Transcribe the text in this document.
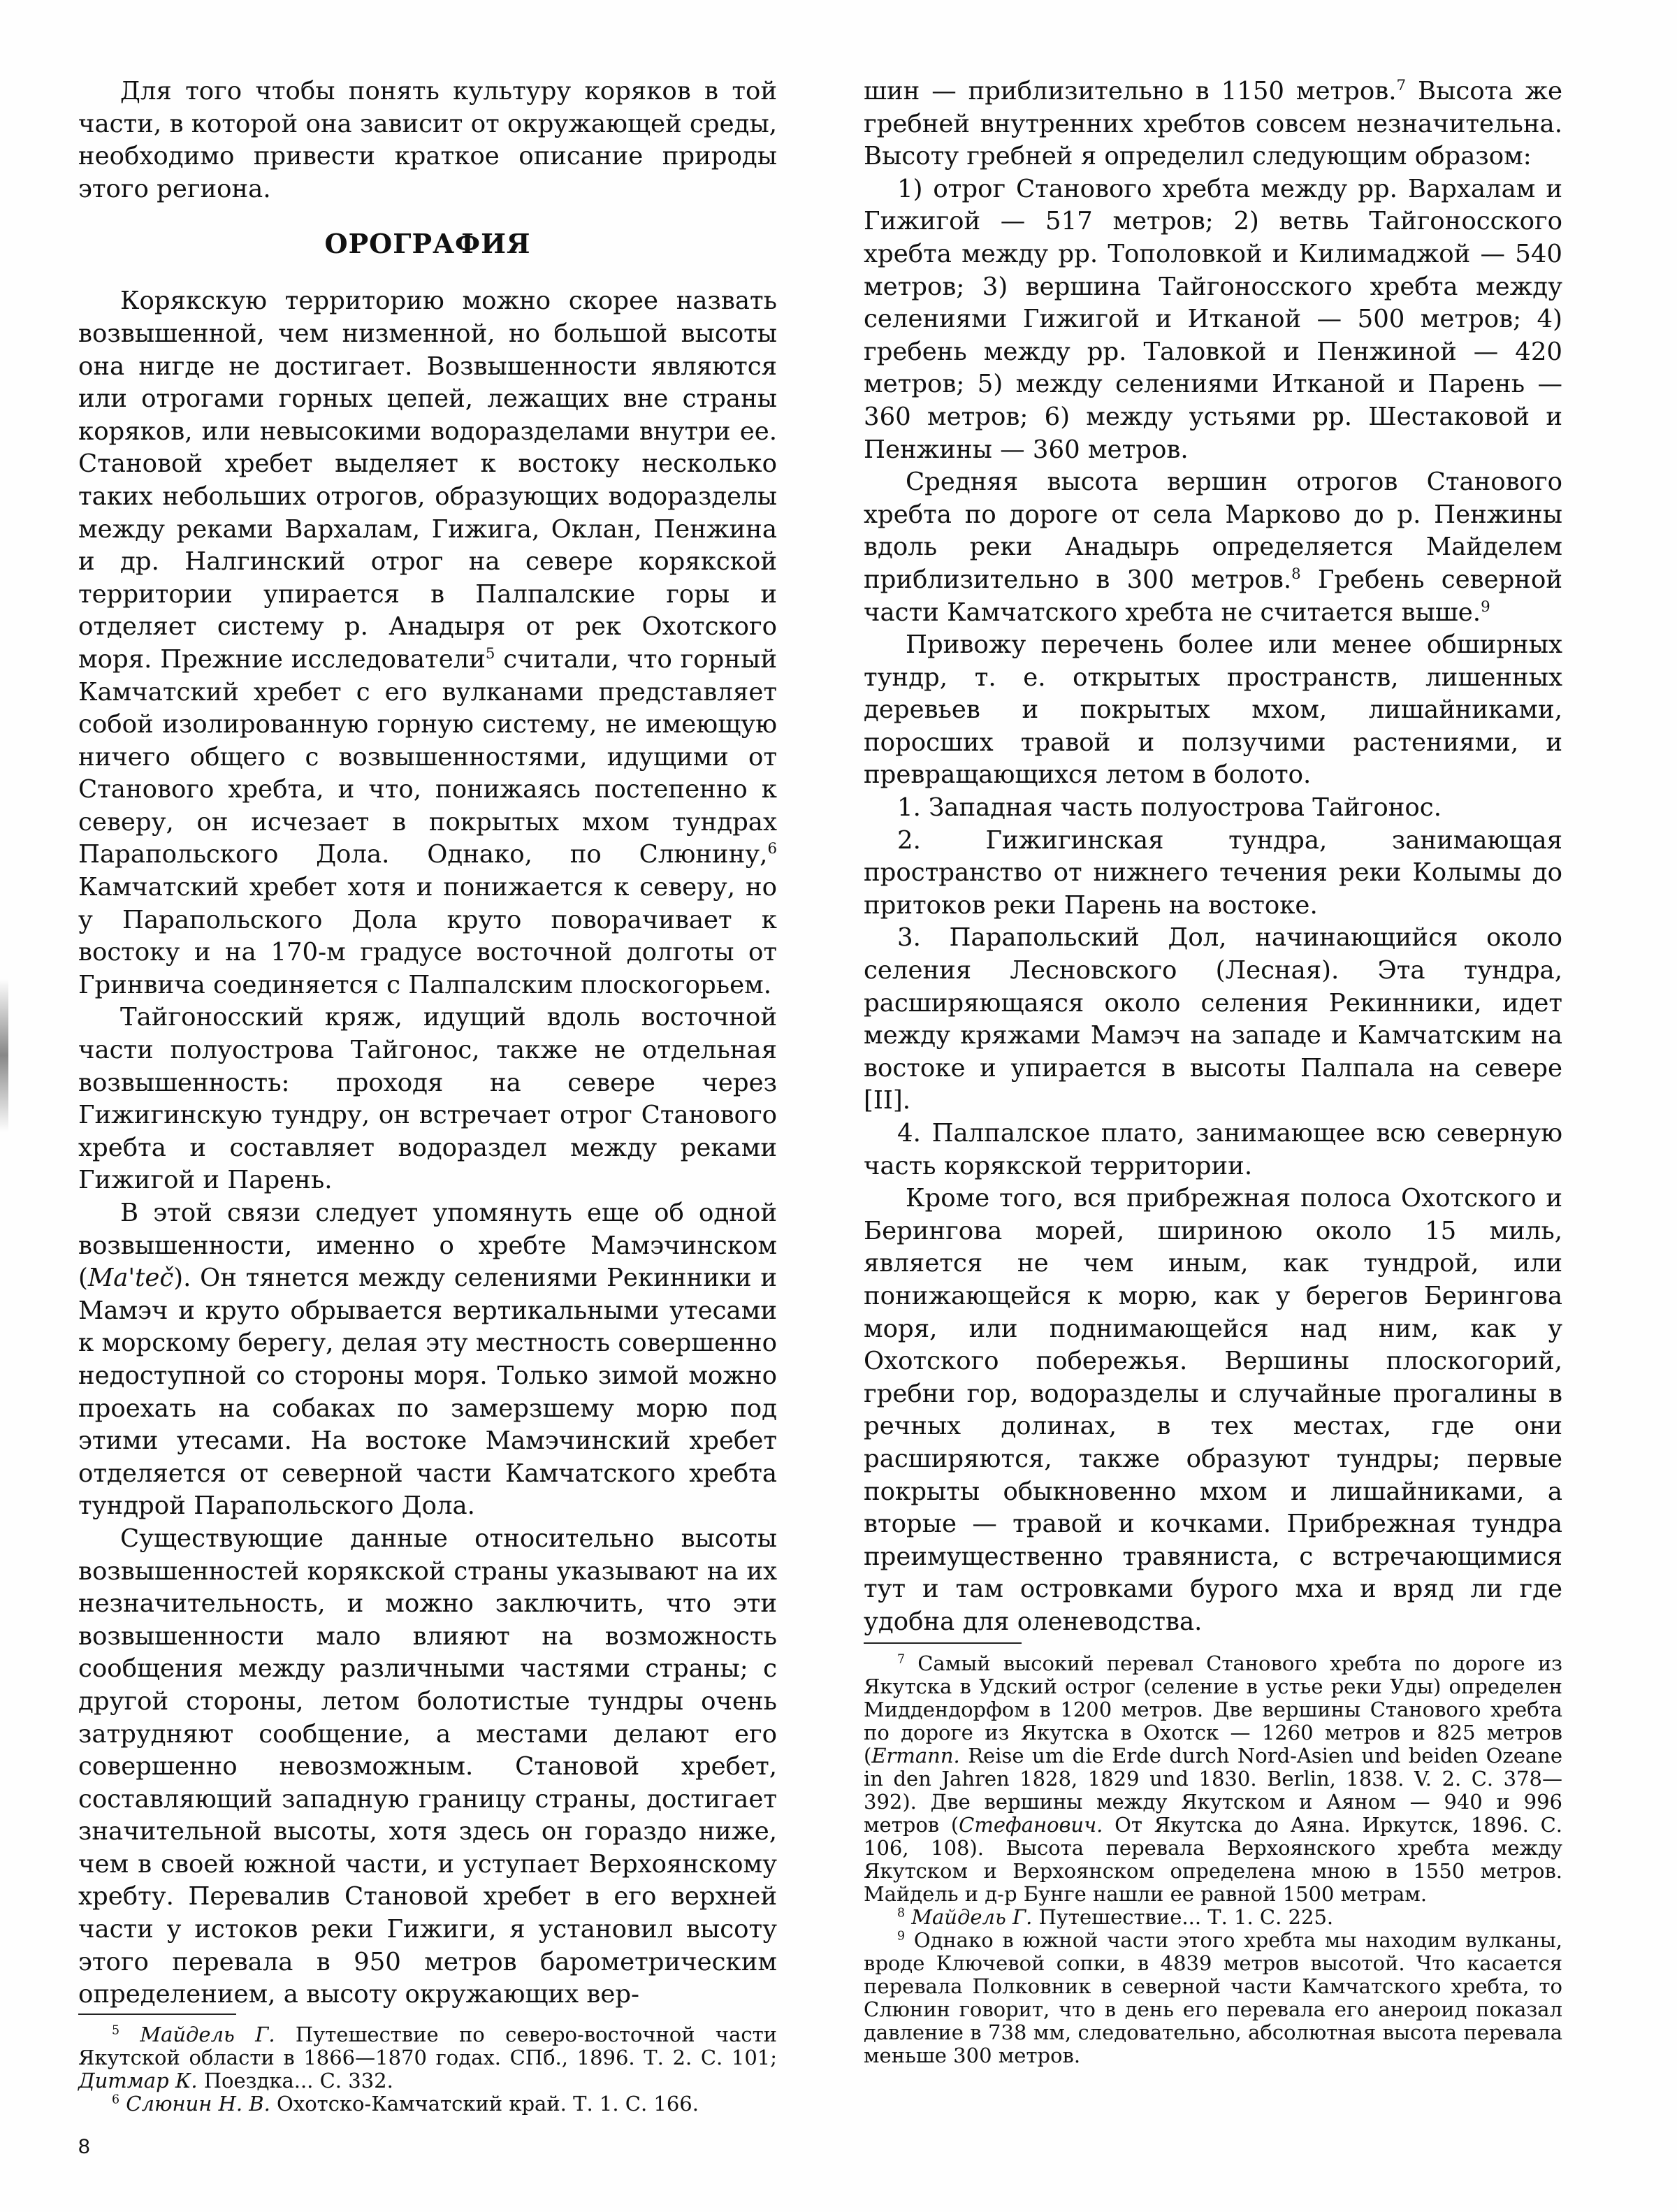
Для того чтобы понять культуру коряков в той части, в которой она зависит от окружающей среды, необходимо привести краткое описание природы этого региона.

ОРОГРАФИЯ

Корякскую территорию можно скорее назвать возвышенной, чем низменной, но большой высоты она нигде не достигает. Возвышенности являются или отрогами горных цепей, лежащих вне страны коряков, или невысокими водоразделами внутри ее. Становой хребет выделяет к востоку несколько таких небольших отрогов, образующих водоразделы между реками Вархалам, Гижига, Оклан, Пенжина и др. Налгинский отрог на севере корякской территории упирается в Палпалские горы и отделяет систему р. Анадыря от рек Охотского моря. Прежние исследователи$^5$ считали, что горный Камчатский хребет с его вулканами представляет собой изолированную горную систему, не имеющую ничего общего с возвышенностями, идущими от Станового хребта, и что, понижаясь постепенно к северу, он исчезает в покрытых мхом тундрах Парапольского Дола. Однако, по Слюнину,$^6$ Камчатский хребет хотя и понижается к северу, но у Парапольского Дола круто поворачивает к востоку и на 170-м градусе восточной долготы от Гринвича соединяется с Палпалским плоскогорьем.

Тайгоносский кряж, идущий вдоль восточной части полуострова Тайгонос, также не отдельная возвышенность: проходя на севере через Гижигинскую тундру, он встречает отрог Станового хребта и составляет водораздел между реками Гижигой и Парень.

В этой связи следует упомянуть еще об одной возвышенности, именно о хребте Мамэчинском (Ma'teč). Он тянется между селениями Рекинники и Мамэч и круто обрывается вертикальными утесами к морскому берегу, делая эту местность совершенно недоступной со стороны моря. Только зимой можно проехать на собаках по замерзшему морю под этими утесами. На востоке Мамэчинский хребет отделяется от северной части Камчатского хребта тундрой Парапольского Дола.

Существующие данные относительно высоты возвышенностей корякской страны указывают на их незначительность, и можно заключить, что эти возвышенности мало влияют на возможность сообщения между различными частями страны; с другой стороны, летом болотистые тундры очень затрудняют сообщение, а местами делают его совершенно невозможным. Становой хребет, составляющий западную границу страны, достигает значительной высоты, хотя здесь он гораздо ниже, чем в своей южной части, и уступает Верхоянскому хребту. Перевалив Становой хребет в его верхней части у истоков реки Гижиги, я установил высоту этого перевала в 950 метров барометрическим определением, а высоту окружающих вер-

$^5$ Майдель Г. Путешествие по северо-восточной части Якутской области в 1866—1870 годах. СПб., 1896. Т. 2. С. 101; Дитмар К. Поездка... С. 332.

$^6$ Слюнин Н. В. Охотско-Камчатский край. Т. 1. С. 166.

шин — приблизительно в 1150 метров.$^7$ Высота же гребней внутренних хребтов совсем незначительна. Высоту гребней я определил следующим образом:

1) отрог Станового хребта между рр. Вархалам и Гижигой — 517 метров; 2) ветвь Тайгоносского хребта между рр. Тополовкой и Килимаджой — 540 метров; 3) вершина Тайгоносского хребта между селениями Гижигой и Итканой — 500 метров; 4) гребень между рр. Таловкой и Пенжиной — 420 метров; 5) между селениями Итканой и Парень — 360 метров; 6) между устьями рр. Шестаковой и Пенжины — 360 метров.

Средняя высота вершин отрогов Станового хребта по дороге от села Марково до р. Пенжины вдоль реки Анадырь определяется Майделем приблизительно в 300 метров.$^8$ Гребень северной части Камчатского хребта не считается выше.$^9$

Привожу перечень более или менее обширных тундр, т. е. открытых пространств, лишенных деревьев и покрытых мхом, лишайниками, поросших травой и ползучими растениями, и превращающихся летом в болото.

1. Западная часть полуострова Тайгонос.

2. Гижигинская тундра, занимающая пространство от нижнего течения реки Колымы до притоков реки Парень на востоке.

3. Парапольский Дол, начинающийся около селения Лесновского (Лесная). Эта тундра, расширяющаяся около селения Рекинники, идет между кряжами Мамэч на западе и Камчатским на востоке и упирается в высоты Палпала на севере [II].

4. Палпалское плато, занимающее всю северную часть корякской территории.

Кроме того, вся прибрежная полоса Охотского и Берингова морей, шириною около 15 миль, является не чем иным, как тундрой, или понижающейся к морю, как у берегов Берингова моря, или поднимающейся над ним, как у Охотского побережья. Вершины плоскогорий, гребни гор, водоразделы и случайные прогалины в речных долинах, в тех местах, где они расширяются, также образуют тундры; первые покрыты обыкновенно мхом и лишайниками, а вторые — травой и кочками. Прибрежная тундра преимущественно травяниста, с встречающимися тут и там островками бурого мха и вряд ли где удобна для оленеводства.

$^7$ Самый высокий перевал Станового хребта по дороге из Якутска в Удский острог (селение в устье реки Уды) определен Миддендорфом в 1200 метров. Две вершины Станового хребта по дороге из Якутска в Охотск — 1260 метров и 825 метров (Ermann. Reise um die Erde durch Nord-Asien und beiden Ozeane in den Jahren 1828, 1829 und 1830. Berlin, 1838. V. 2. С. 378—392). Две вершины между Якутском и Аяном — 940 и 996 метров (Стефанович. От Якутска до Аяна. Иркутск, 1896. С. 106, 108). Высота перевала Верхоянского хребта между Якутском и Верхоянском определена мною в 1550 метров. Майдель и д-р Бунге нашли ее равной 1500 метрам.

$^8$ Майдель Г. Путешествие... Т. 1. С. 225.

$^9$ Однако в южной части этого хребта мы находим вулканы, вроде Ключевой сопки, в 4839 метров высотой. Что касается перевала Полковник в северной части Камчатского хребта, то Слюнин говорит, что в день его перевала его анероид показал давление в 738 мм, следовательно, абсолютная высота перевала меньше 300 метров.

8
